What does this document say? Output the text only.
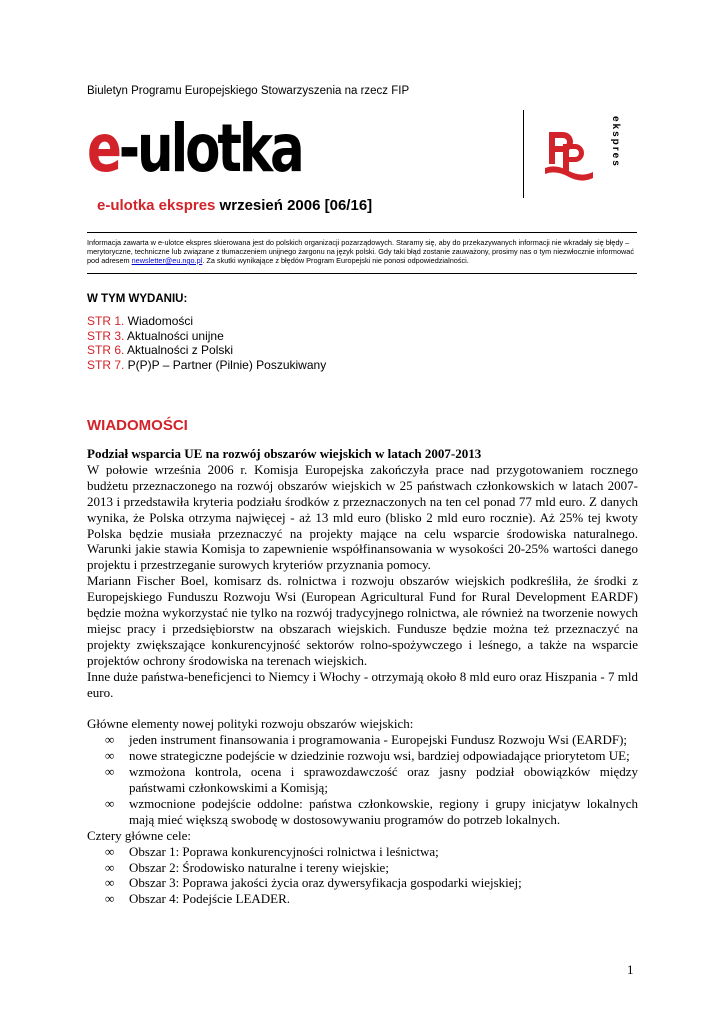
Biuletyn Programu Europejskiego Stowarzyszenia na rzecz FIP
e-ulotka	ekspres
e-ulotka ekspres wrzesień 2006 [06/16]
Informacja zawarta w e-ulotce ekspres skierowana jest do polskich organizacji pozarządowych. Staramy się, aby do przekazywanych informacji nie wkradały się błędy – merytoryczne, techniczne lub związane z tłumaczeniem unijnego żargonu na język polski. Gdy taki błąd zostanie zauważony, prosimy nas o tym niezwłocznie informować pod adresem newsletter@eu.ngo.pl. Za skutki wynikające z błędów Program Europejski nie ponosi odpowiedzialności.
W TYM WYDANIU:
STR 1. Wiadomości
STR 3. Aktualności unijne
STR 6. Aktualności z Polski
STR 7. P(P)P – Partner (Pilnie) Poszukiwany
WIADOMOŚCI

Podział wsparcia UE na rozwój obszarów wiejskich w latach 2007-2013

W połowie września 2006 r. Komisja Europejska zakończyła prace nad przygotowaniem rocznego budżetu przeznaczonego na rozwój obszarów wiejskich w 25 państwach członkowskich w latach 2007-2013 i przedstawiła kryteria podziału środków z przeznaczonych na ten cel ponad 77 mld euro. Z danych wynika, że Polska otrzyma najwięcej - aż 13 mld euro (blisko 2 mld euro rocznie). Aż 25% tej kwoty Polska będzie musiała przeznaczyć na projekty mające na celu wsparcie środowiska naturalnego. Warunki jakie stawia Komisja to zapewnienie współfinansowania w wysokości 20-25% wartości danego projektu i przestrzeganie surowych kryteriów przyznania pomocy.

Mariann Fischer Boel, komisarz ds. rolnictwa i rozwoju obszarów wiejskich podkreśliła, że środki z Europejskiego Funduszu Rozwoju Wsi (European Agricultural Fund for Rural Development EARDF) będzie można wykorzystać nie tylko na rozwój tradycyjnego rolnictwa, ale również na tworzenie nowych miejsc pracy i przedsiębiorstw na obszarach wiejskich. Fundusze będzie można też przeznaczyć na projekty zwiększające konkurencyjność sektorów rolno-spożywczego i leśnego, a także na wsparcie projektów ochrony środowiska na terenach wiejskich.

Inne duże państwa-beneficjenci to Niemcy i Włochy - otrzymają około 8 mld euro oraz Hiszpania - 7 mld euro.

Główne elementy nowej polityki rozwoju obszarów wiejskich:

∞ jeden instrument finansowania i programowania - Europejski Fundusz Rozwoju Wsi (EARDF);
∞ nowe strategiczne podejście w dziedzinie rozwoju wsi, bardziej odpowiadające priorytetom UE;
∞ wzmożona kontrola, ocena i sprawozdawczość oraz jasny podział obowiązków między państwami członkowskimi a Komisją;
∞ wzmocnione podejście oddolne: państwa członkowskie, regiony i grupy inicjatyw lokalnych mają mieć większą swobodę w dostosowywaniu programów do potrzeb lokalnych.

Cztery główne cele:

∞ Obszar 1: Poprawa konkurencyjności rolnictwa i leśnictwa;
∞ Obszar 2: Środowisko naturalne i tereny wiejskie;
∞ Obszar 3: Poprawa jakości życia oraz dywersyfikacja gospodarki wiejskiej;
∞ Obszar 4: Podejście LEADER.
1
